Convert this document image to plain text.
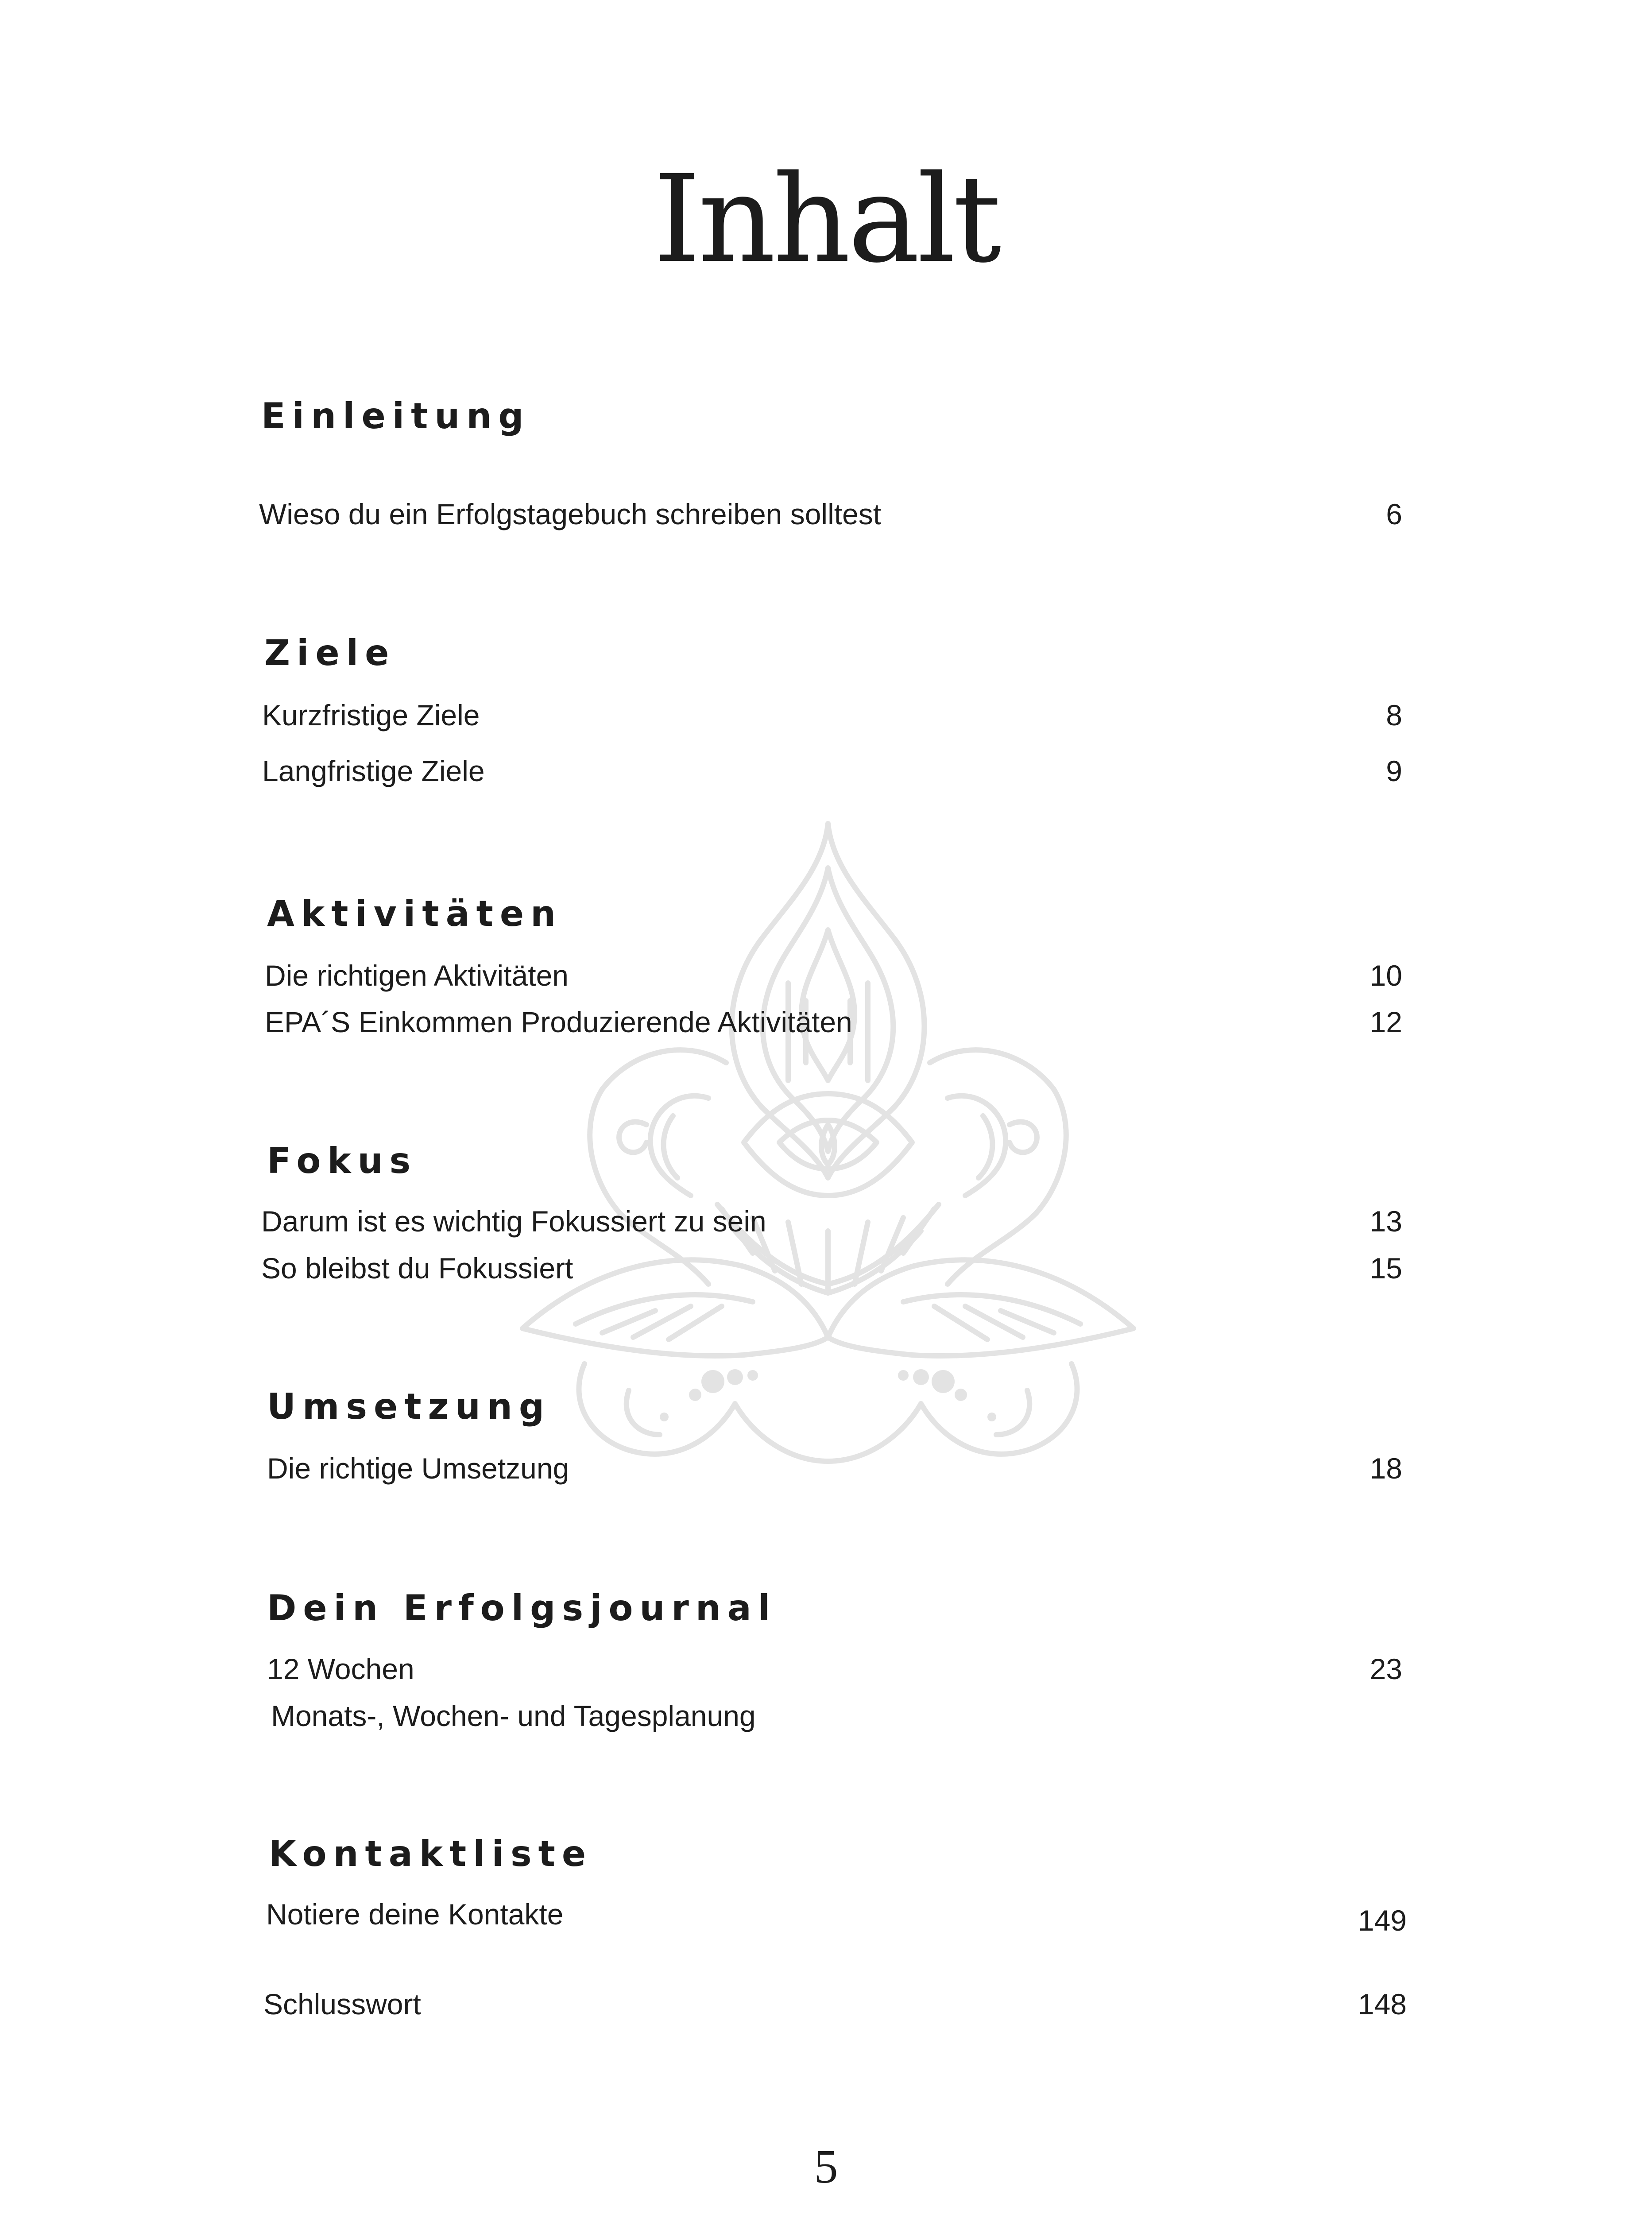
Inhalt
Einleitung
Wieso du ein Erfolgstagebuch schreiben solltest	6
Ziele
Kurzfristige Ziele	8
Langfristige Ziele	9
Aktivitäten
Die richtigen Aktivitäten	10
EPA´S Einkommen Produzierende Aktivitäten	12
Fokus
Darum ist es wichtig Fokussiert zu sein	13
So bleibst du Fokussiert	15
Umsetzung
Die richtige Umsetzung	18
Dein Erfolgsjournal
12 Wochen	23
Monats-, Wochen- und Tagesplanung
Kontaktliste
Notiere deine Kontakte	149
Schlusswort	148
5
